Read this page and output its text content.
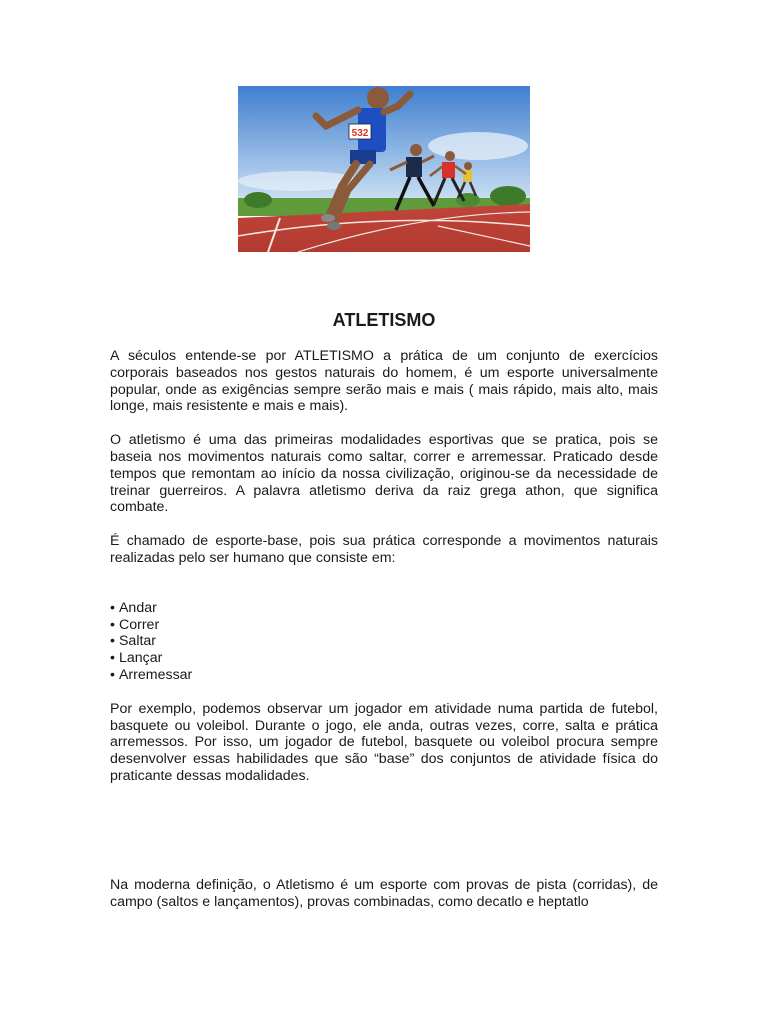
532
ATLETISMO

A séculos entende-se por ATLETISMO a prática de um conjunto de exercícios corporais baseados nos gestos naturais do homem, é um esporte universalmente popular, onde as exigências sempre serão mais e mais ( mais rápido, mais alto, mais longe, mais resistente e mais e mais).

O atletismo é uma das primeiras modalidades esportivas que se pratica, pois se baseia nos movimentos naturais como saltar, correr e arremessar. Praticado desde tempos que remontam ao início da nossa civilização, originou-se da necessidade de treinar guerreiros. A palavra atletismo deriva da raiz grega athon, que significa combate.

É chamado de esporte-base, pois sua prática corresponde a movimentos naturais realizadas pelo ser humano que consiste em:

• Andar
• Correr
• Saltar
• Lançar
• Arremessar

Por exemplo, podemos observar um jogador em atividade numa partida de futebol, basquete ou voleibol. Durante o jogo, ele anda, outras vezes, corre, salta e prática arremessos. Por isso, um jogador de futebol, basquete ou voleibol procura sempre desenvolver essas habilidades que são “base” dos conjuntos de atividade física do praticante dessas modalidades.

Na moderna definição, o Atletismo é um esporte com provas de pista (corridas), de campo (saltos e lançamentos), provas combinadas, como decatlo e heptatlo
